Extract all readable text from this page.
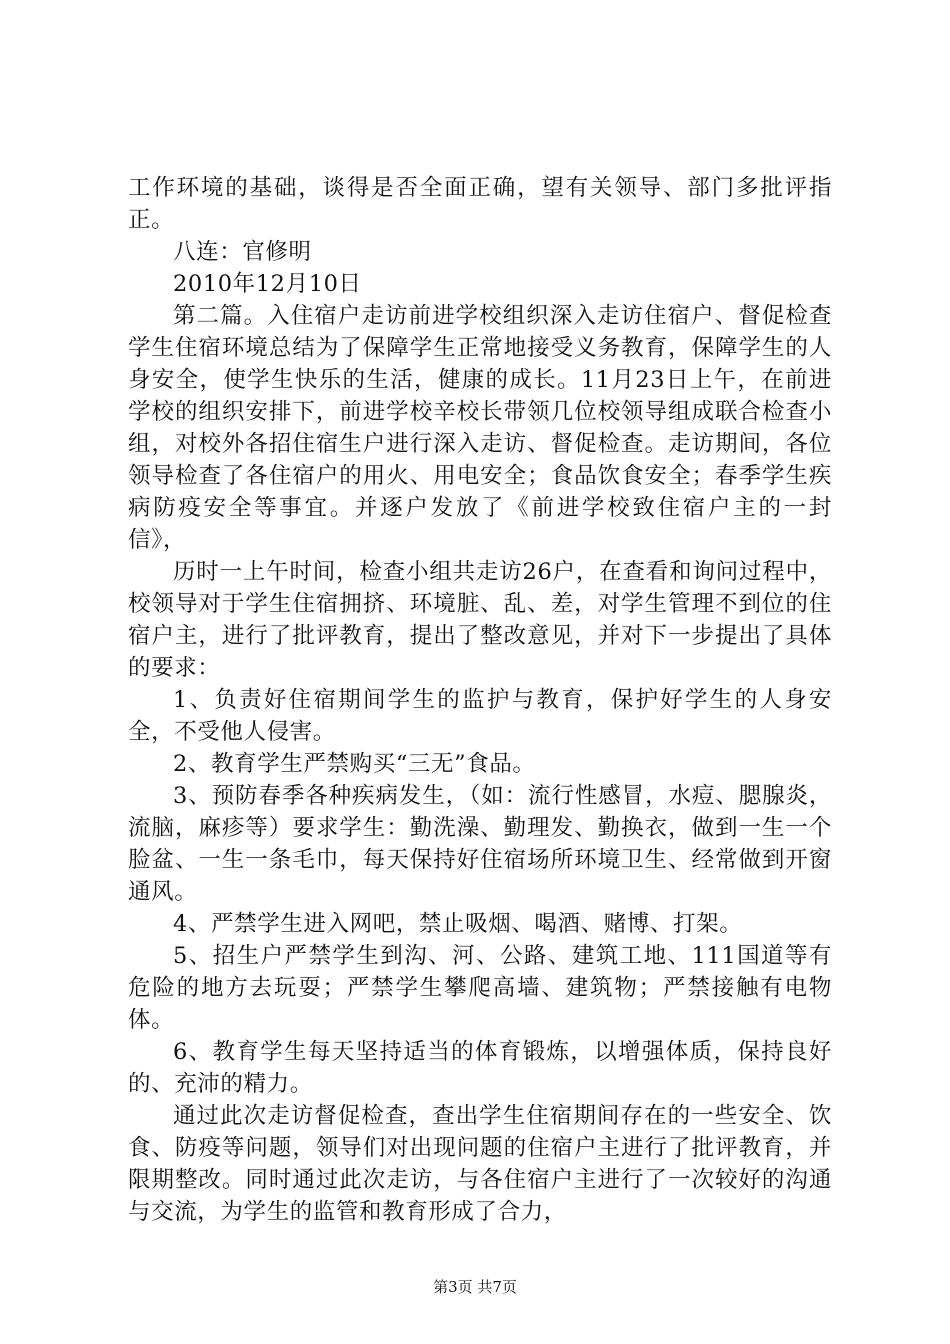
工作环境的基础，谈得是否全面正确，望有关领导、部门多批评指正。

八连：官修明

2010年12月10日

第二篇。入住宿户走访前进学校组织深入走访住宿户、督促检查学生住宿环境总结为了保障学生正常地接受义务教育，保障学生的人身安全，使学生快乐的生活，健康的成长。11月23日上午，在前进学校的组织安排下，前进学校辛校长带领几位校领导组成联合检查小组，对校外各招住宿生户进行深入走访、督促检查。走访期间，各位领导检查了各住宿户的用火、用电安全；食品饮食安全；春季学生疾病防疫安全等事宜。并逐户发放了《前进学校致住宿户主的一封信》，

历时一上午时间，检查小组共走访26户，在查看和询问过程中，校领导对于学生住宿拥挤、环境脏、乱、差，对学生管理不到位的住宿户主，进行了批评教育，提出了整改意见，并对下一步提出了具体的要求：

1、负责好住宿期间学生的监护与教育，保护好学生的人身安全，不受他人侵害。

2、教育学生严禁购买“三无”食品。

3、预防春季各种疾病发生，（如：流行性感冒，水痘、腮腺炎，流脑，麻疹等）要求学生：勤洗澡、勤理发、勤换衣，做到一生一个脸盆、一生一条毛巾，每天保持好住宿场所环境卫生、经常做到开窗通风。

4、严禁学生进入网吧，禁止吸烟、喝酒、赌博、打架。

5、招生户严禁学生到沟、河、公路、建筑工地、111国道等有危险的地方去玩耍；严禁学生攀爬高墙、建筑物；严禁接触有电物体。

6、教育学生每天坚持适当的体育锻炼，以增强体质，保持良好的、充沛的精力。

通过此次走访督促检查，查出学生住宿期间存在的一些安全、饮食、防疫等问题，领导们对出现问题的住宿户主进行了批评教育，并限期整改。同时通过此次走访，与各住宿户主进行了一次较好的沟通与交流，为学生的监管和教育形成了合力，

第3页 共7页
